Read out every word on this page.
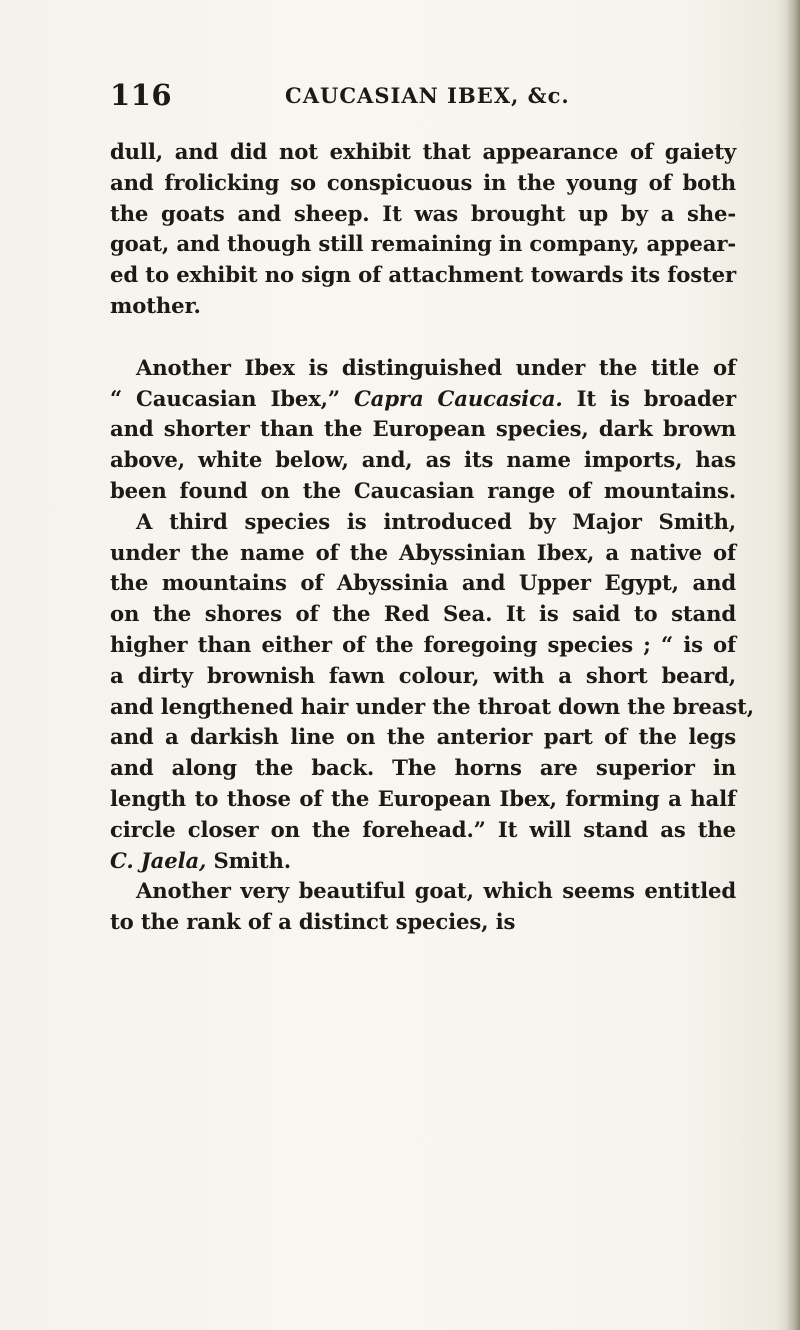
116	CAUCASIAN IBEX, &c.
dull, and did not exhibit that appearance of gaiety
and frolicking so conspicuous in the young of both
the goats and sheep. It was brought up by a she-
goat, and though still remaining in company, appear-
ed to exhibit no sign of attachment towards its foster
mother.
Another Ibex is distinguished under the title of
“ Caucasian Ibex,” Capra Caucasica. It is broader
and shorter than the European species, dark brown
above, white below, and, as its name imports, has
been found on the Caucasian range of mountains.
A third species is introduced by Major Smith,
under the name of the Abyssinian Ibex, a native of
the mountains of Abyssinia and Upper Egypt, and
on the shores of the Red Sea. It is said to stand
higher than either of the foregoing species ; “ is of
a dirty brownish fawn colour, with a short beard,
and lengthened hair under the throat down the breast,
and a darkish line on the anterior part of the legs
and along the back. The horns are superior in
length to those of the European Ibex, forming a half
circle closer on the forehead.” It will stand as the
C. Jaela, Smith.
Another very beautiful goat, which seems entitled
to the rank of a distinct species, is
